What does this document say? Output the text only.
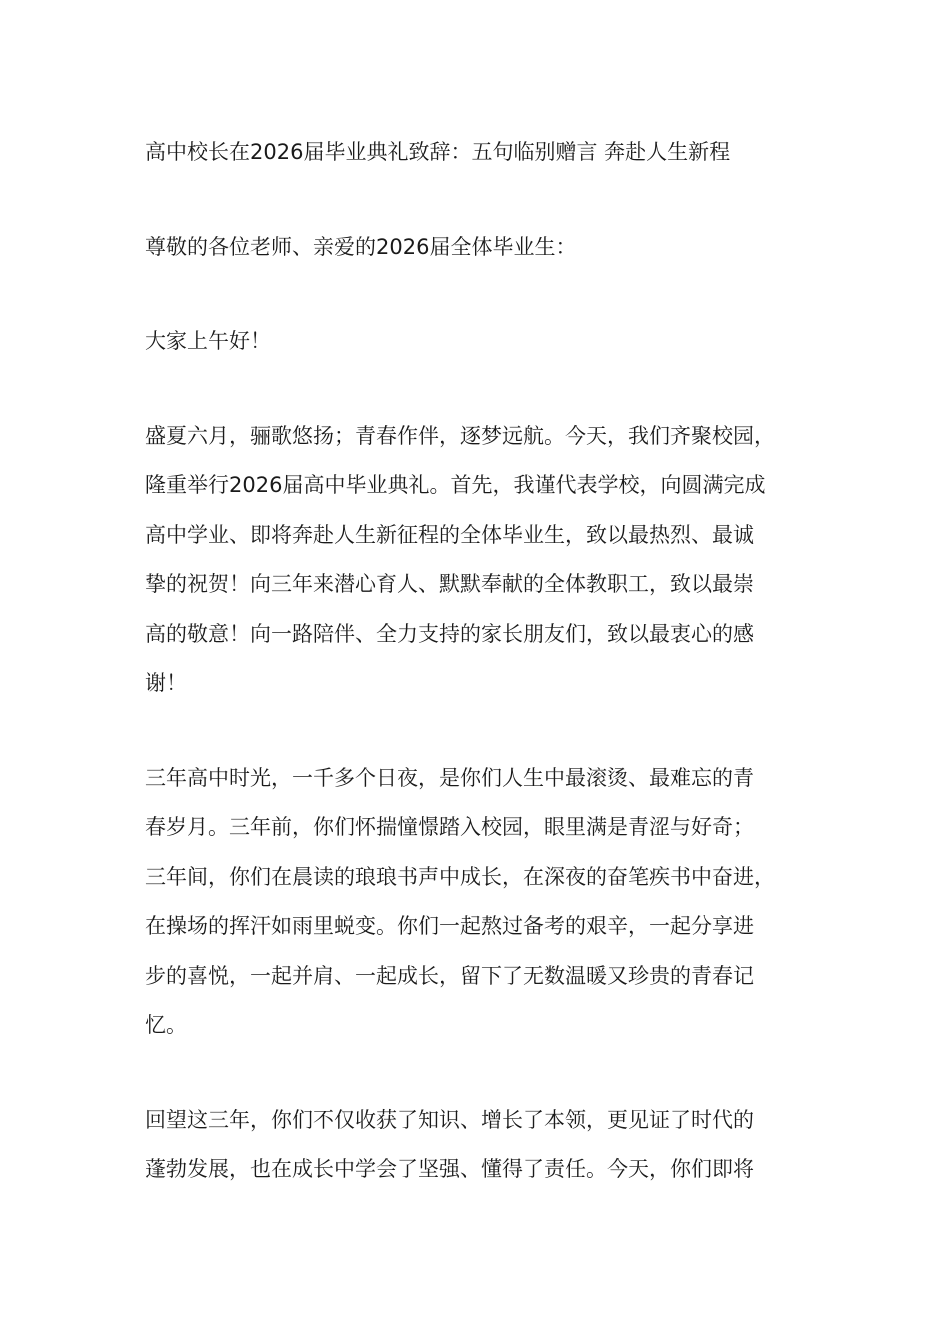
高中校长在2026届毕业典礼致辞：五句临别赠言 奔赴人生新程

尊敬的各位老师、亲爱的2026届全体毕业生：

大家上午好！

盛夏六月，骊歌悠扬；青春作伴，逐梦远航。今天，我们齐聚校园，
隆重举行2026届高中毕业典礼。首先，我谨代表学校，向圆满完成
高中学业、即将奔赴人生新征程的全体毕业生，致以最热烈、最诚
挚的祝贺！向三年来潜心育人、默默奉献的全体教职工，致以最崇
高的敬意！向一路陪伴、全力支持的家长朋友们，致以最衷心的感
谢！

三年高中时光，一千多个日夜，是你们人生中最滚烫、最难忘的青
春岁月。三年前，你们怀揣憧憬踏入校园，眼里满是青涩与好奇；
三年间，你们在晨读的琅琅书声中成长，在深夜的奋笔疾书中奋进，
在操场的挥汗如雨里蜕变。你们一起熬过备考的艰辛，一起分享进
步的喜悦，一起并肩、一起成长，留下了无数温暖又珍贵的青春记
忆。

回望这三年，你们不仅收获了知识、增长了本领，更见证了时代的
蓬勃发展，也在成长中学会了坚强、懂得了责任。今天，你们即将
